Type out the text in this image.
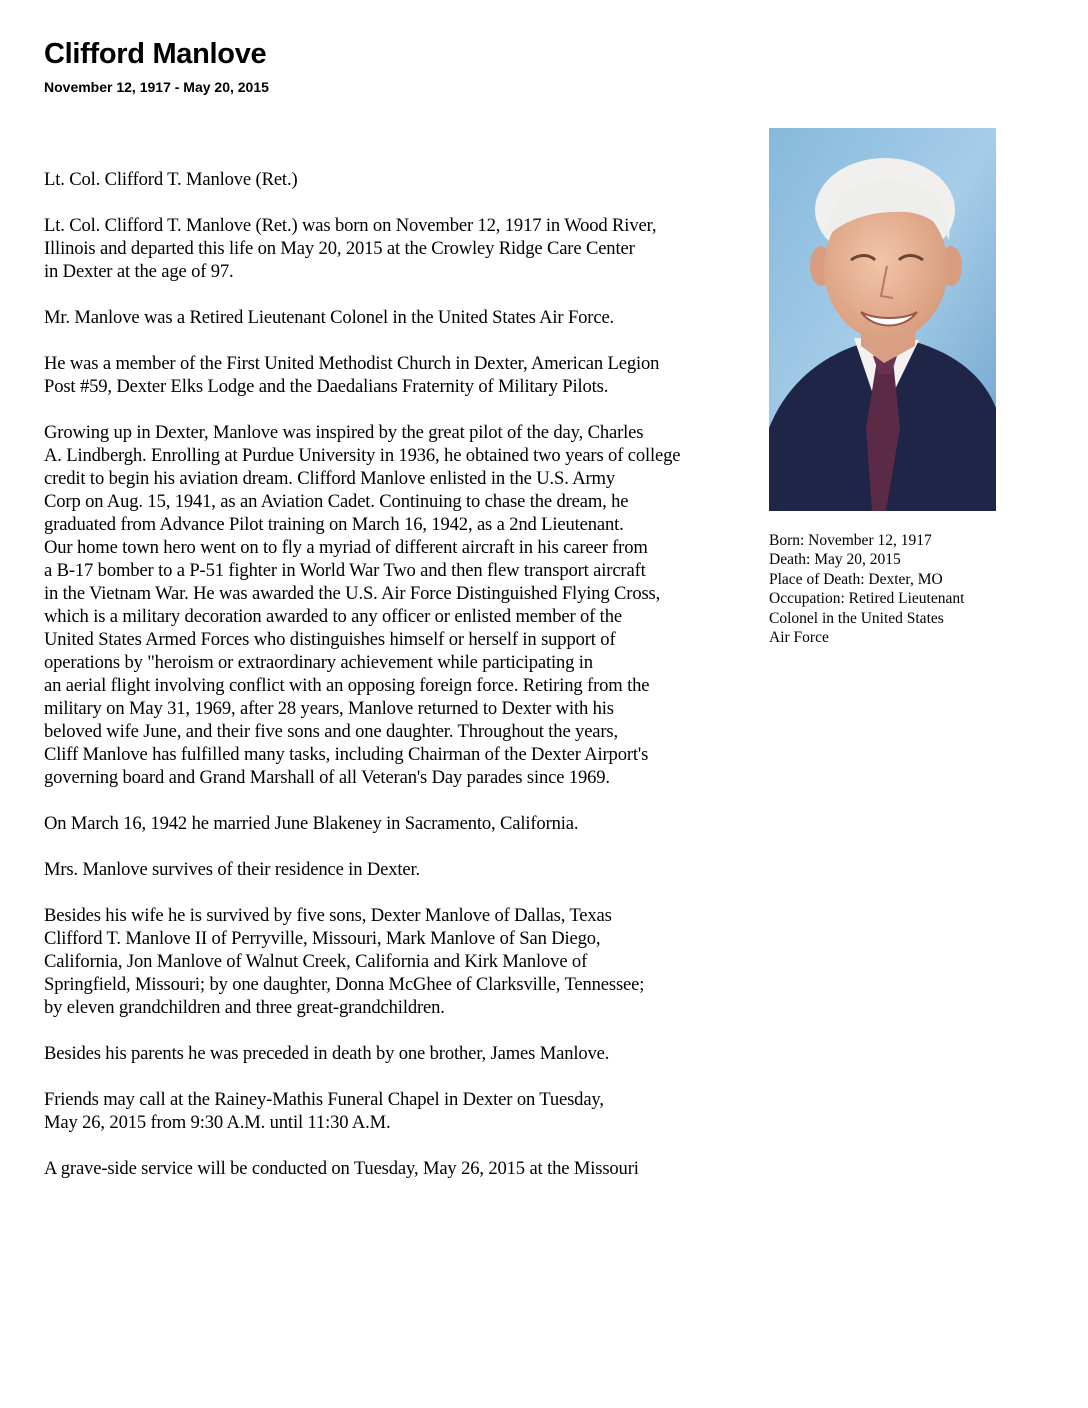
Clifford Manlove
November 12, 1917 - May 20, 2015

Lt. Col. Clifford T. Manlove (Ret.)

Lt. Col. Clifford T. Manlove (Ret.) was born on November 12, 1917 in Wood River,
Illinois and departed this life on May 20, 2015 at the Crowley Ridge Care Center
in Dexter at the age of 97.

Mr. Manlove was a Retired Lieutenant Colonel in the United States Air Force.

He was a member of the First United Methodist Church in Dexter, American Legion
Post #59, Dexter Elks Lodge and the Daedalians Fraternity of Military Pilots.

Growing up in Dexter, Manlove was inspired by the great pilot of the day, Charles
A. Lindbergh. Enrolling at Purdue University in 1936, he obtained two years of college
credit to begin his aviation dream. Clifford Manlove enlisted in the U.S. Army
Corp on Aug. 15, 1941, as an Aviation Cadet. Continuing to chase the dream, he
graduated from Advance Pilot training on March 16, 1942, as a 2nd Lieutenant.
Our home town hero went on to fly a myriad of different aircraft in his career from
a B-17 bomber to a P-51 fighter in World War Two and then flew transport aircraft
in the Vietnam War. He was awarded the U.S. Air Force Distinguished Flying Cross,
which is a military decoration awarded to any officer or enlisted member of the
United States Armed Forces who distinguishes himself or herself in support of
operations by "heroism or extraordinary achievement while participating in
an aerial flight involving conflict with an opposing foreign force. Retiring from the
military on May 31, 1969, after 28 years, Manlove returned to Dexter with his
beloved wife June, and their five sons and one daughter. Throughout the years,
Cliff Manlove has fulfilled many tasks, including Chairman of the Dexter Airport's
governing board and Grand Marshall of all Veteran's Day parades since 1969.

On March 16, 1942 he married June Blakeney in Sacramento, California.

Mrs. Manlove survives of their residence in Dexter.

Besides his wife he is survived by five sons, Dexter Manlove of Dallas, Texas
Clifford T. Manlove II of Perryville, Missouri, Mark Manlove of San Diego,
California, Jon Manlove of Walnut Creek, California and Kirk Manlove of
Springfield, Missouri; by one daughter, Donna McGhee of Clarksville, Tennessee;
by eleven grandchildren and three great-grandchildren.

Besides his parents he was preceded in death by one brother, James Manlove.

Friends may call at the Rainey-Mathis Funeral Chapel in Dexter on Tuesday,
May 26, 2015 from 9:30 A.M. until 11:30 A.M.

A grave-side service will be conducted on Tuesday, May 26, 2015 at the Missouri

Born: November 12, 1917
Death: May 20, 2015
Place of Death: Dexter, MO
Occupation: Retired Lieutenant
Colonel in the United States
Air Force
